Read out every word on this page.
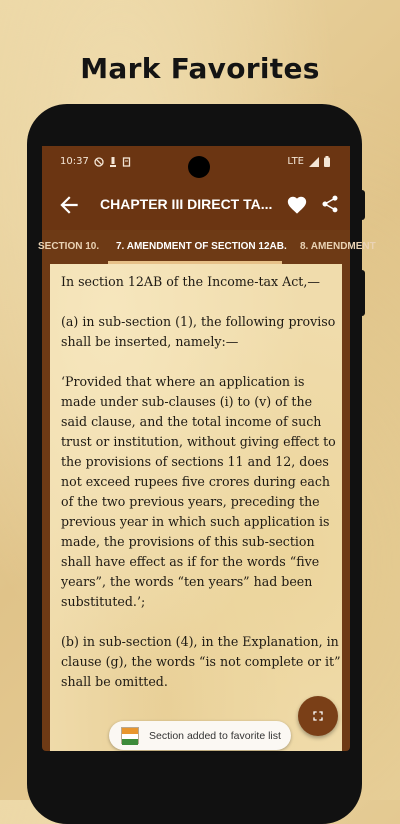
Mark Favorites
10:37	LTE
CHAPTER III DIRECT TA...
SECTION 10. 7. AMENDMENT OF SECTION 12AB. 8. AMENDMENT

In section 12AB of the Income-tax Act,—

(a) in sub-section (1), the following proviso shall be inserted, namely:—

‘Provided that where an application is made under sub-clauses (i) to (v) of the said clause, and the total income of such trust or institution, without giving effect to the provisions of sections 11 and 12, does not exceed rupees five crores during each of the two previous years, preceding the previous year in which such application is made, the provisions of this sub-section shall have effect as if for the words “five years”, the words “ten years” had been substituted.’;

(b) in sub-section (4), in the Explanation, in clause (g), the words “is not complete or it” shall be omitted.

Section added to favorite list
